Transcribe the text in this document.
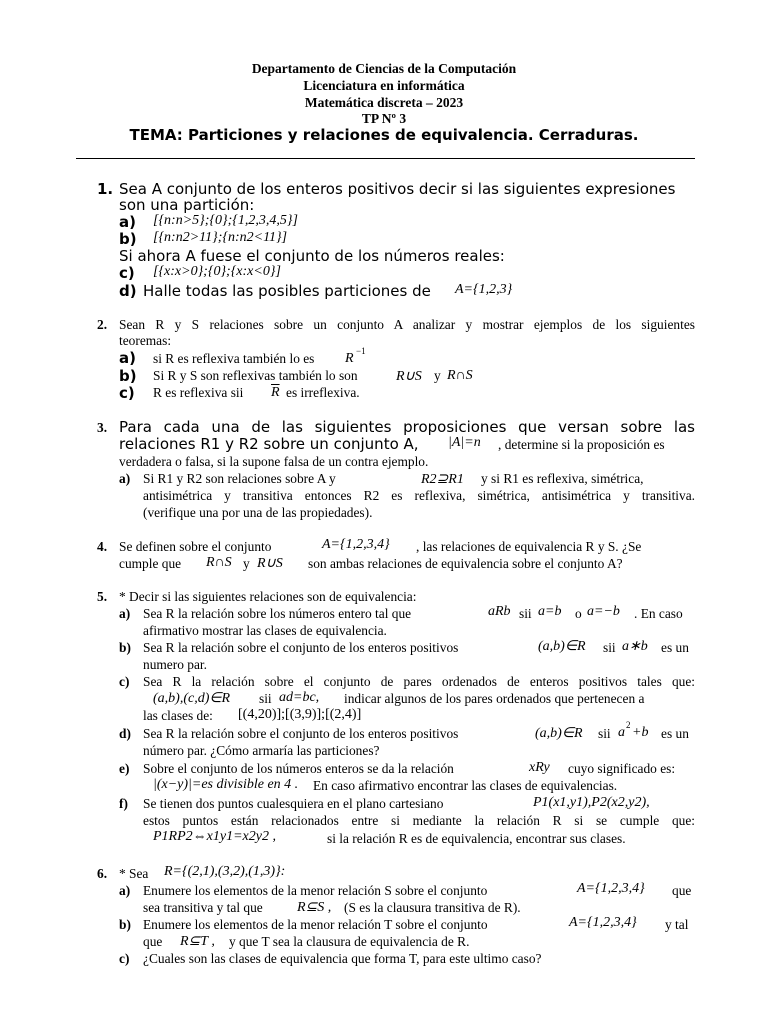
Departamento de Ciencias de la Computación
Licenciatura en informática
Matemática discreta – 2023
TP Nº 3
TEMA: Particiones y relaciones de equivalencia. Cerraduras.
1. Sea A conjunto de los enteros positivos decir si las siguientes expresiones
son una partición:
a) [{n:n>5};{0};{1,2,3,4,5}]
b) [{n:n2>11};{n:n2<11}]
Si ahora A fuese el conjunto de los números reales:
c) [{x:x>0};{0};{x:x<0}]
d) Halle todas las posibles particiones de A={1,2,3}
2. Sean R y S relaciones sobre un conjunto A analizar y mostrar ejemplos de los siguientes
teoremas:
a) si R es reflexiva también lo es R −1
b) Si R y S son reflexivas también lo son	R∪S y R∩S
c) R es reflexiva sii $\overline{R}$ es irreflexiva.
3. Para cada una de las siguientes proposiciones que versan sobre las
relaciones R1 y R2 sobre un conjunto A, |A|=n , determine si la proposición es
verdadera o falsa, si la supone falsa de un contra ejemplo.
a) Si R1 y R2 son relaciones sobre A y	R2⊇R1 y si R1 es reflexiva, simétrica,
antisimétrica y transitiva entonces R2 es reflexiva, simétrica, antisimétrica y transitiva.
(verifique una por una de las propiedades).
4. Se definen sobre el conjunto	A={1,2,3,4} , las relaciones de equivalencia R y S. ¿Se
cumple que R∩S y R∪S son ambas relaciones de equivalencia sobre el conjunto A?
5. * Decir si las siguientes relaciones son de equivalencia:
a) Sea R la relación sobre los números entero tal que	aRb sii a=b o a=−b . En caso
afirmativo mostrar las clases de equivalencia.
b) Sea R la relación sobre el conjunto de los enteros positivos	(a,b)∈R sii a∗b es un
numero par.
c) Sea R la relación sobre el conjunto de pares ordenados de enteros positivos tales que:
(a,b),(c,d)∈R sii ad=bc, indicar algunos de los pares ordenados que pertenecen a
las clases de: [(4,20)];[(3,9)];[(2,4)]
d) Sea R la relación sobre el conjunto de los enteros positivos	(a,b)∈R sii a 2 +b es un
número par. ¿Cómo armaría las particiones?
e) Sobre el conjunto de los números enteros se da la relación	xRy cuyo significado es:
|(x−y)|=es divisible en 4 . En caso afirmativo encontrar las clases de equivalencias.
f) Se tienen dos puntos cualesquiera en el plano cartesiano	P1(x1,y1),P2(x2,y2),
estos puntos están relacionados entre si mediante la relación R si se cumple que:
P1RP2⇔x1y1=x2y2 ,	si la relación R es de equivalencia, encontrar sus clases.
6. * Sea R={(2,1),(3,2),(1,3)}:
a) Enumere los elementos de la menor relación S sobre el conjunto	A={1,2,3,4} que
sea transitiva y tal que R⊆S , (S es la clausura transitiva de R).
b) Enumere los elementos de la menor relación T sobre el conjunto	A={1,2,3,4} y tal
que R⊆T , y que T sea la clausura de equivalencia de R.
c) ¿Cuales son las clases de equivalencia que forma T, para este ultimo caso?
